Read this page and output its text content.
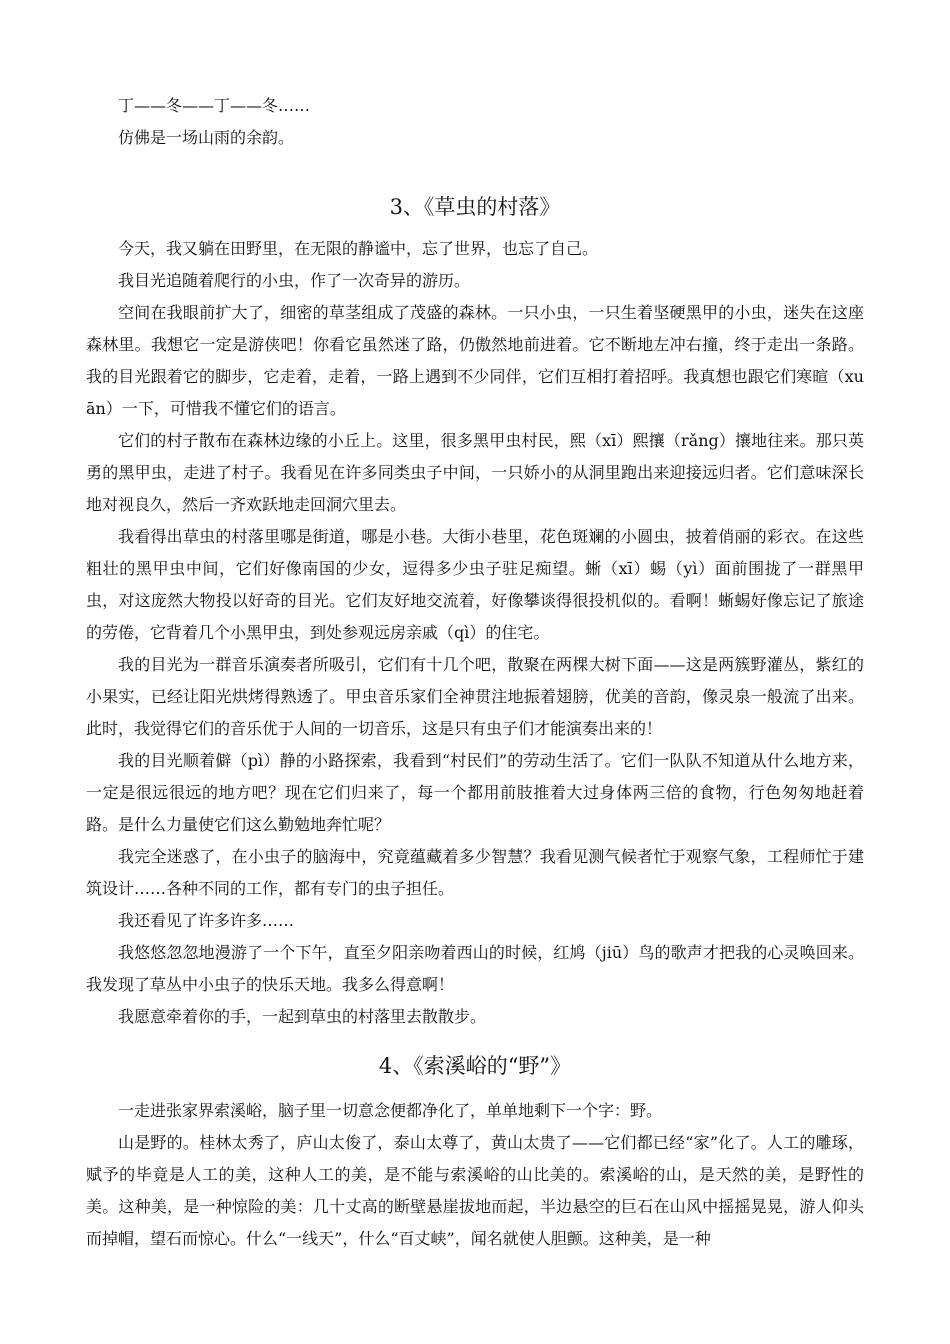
丁——冬——丁——冬……

仿佛是一场山雨的余韵。

3、《草虫的村落》

今天，我又躺在田野里，在无限的静谧中，忘了世界，也忘了自己。

我目光追随着爬行的小虫，作了一次奇异的游历。

空间在我眼前扩大了，细密的草茎组成了茂盛的森林。一只小虫，一只生着坚硬黑甲的小虫，迷失在这座森林里。我想它一定是游侠吧！你看它虽然迷了路，仍傲然地前进着。它不断地左冲右撞，终于走出一条路。我的目光跟着它的脚步，它走着，走着，一路上遇到不少同伴，它们互相打着招呼。我真想也跟它们寒暄（xuān）一下，可惜我不懂它们的语言。

它们的村子散布在森林边缘的小丘上。这里，很多黑甲虫村民，熙（xī）熙攘（rǎng）攘地往来。那只英勇的黑甲虫，走进了村子。我看见在许多同类虫子中间，一只娇小的从洞里跑出来迎接远归者。它们意味深长地对视良久，然后一齐欢跃地走回洞穴里去。

我看得出草虫的村落里哪是街道，哪是小巷。大街小巷里，花色斑斓的小圆虫，披着俏丽的彩衣。在这些粗壮的黑甲虫中间，它们好像南国的少女，逗得多少虫子驻足痴望。蜥（xī）蜴（yì）面前围拢了一群黑甲虫，对这庞然大物投以好奇的目光。它们友好地交流着，好像攀谈得很投机似的。看啊！蜥蜴好像忘记了旅途的劳倦，它背着几个小黑甲虫，到处参观远房亲戚（qì）的住宅。

我的目光为一群音乐演奏者所吸引，它们有十几个吧，散聚在两棵大树下面——这是两簇野灌丛，紫红的小果实，已经让阳光烘烤得熟透了。甲虫音乐家们全神贯注地振着翅膀，优美的音韵，像灵泉一般流了出来。此时，我觉得它们的音乐优于人间的一切音乐，这是只有虫子们才能演奏出来的！

我的目光顺着僻（pì）静的小路探索，我看到“村民们”的劳动生活了。它们一队队不知道从什么地方来，一定是很远很远的地方吧？现在它们归来了，每一个都用前肢推着大过身体两三倍的食物，行色匆匆地赶着路。是什么力量使它们这么勤勉地奔忙呢？

我完全迷惑了，在小虫子的脑海中，究竟蕴藏着多少智慧？我看见测气候者忙于观察气象，工程师忙于建筑设计……各种不同的工作，都有专门的虫子担任。

我还看见了许多许多……

我悠悠忽忽地漫游了一个下午，直至夕阳亲吻着西山的时候，红鸠（jiū）鸟的歌声才把我的心灵唤回来。我发现了草丛中小虫子的快乐天地。我多么得意啊！

我愿意牵着你的手，一起到草虫的村落里去散散步。

4、《索溪峪的“野”》

一走进张家界索溪峪，脑子里一切意念便都净化了，单单地剩下一个字：野。

山是野的。桂林太秀了，庐山太俊了，泰山太尊了，黄山太贵了——它们都已经“家”化了。人工的雕琢，赋予的毕竟是人工的美，这种人工的美，是不能与索溪峪的山比美的。索溪峪的山，是天然的美，是野性的美。这种美，是一种惊险的美：几十丈高的断壁悬崖拔地而起，半边悬空的巨石在山风中摇摇晃晃，游人仰头而掉帽，望石而惊心。什么“一线天”，什么“百丈峡”，闻名就使人胆颤。这种美，是一种
